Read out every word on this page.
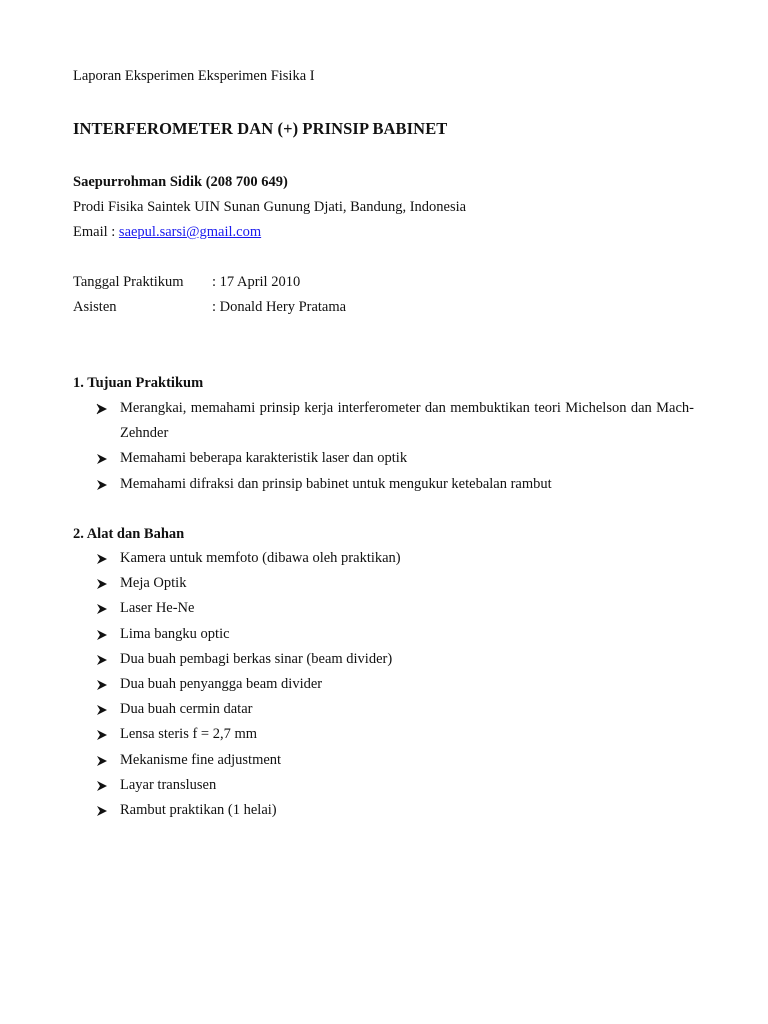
Laporan Eksperimen Eksperimen Fisika I
INTERFEROMETER DAN (+) PRINSIP BABINET
Saepurrohman Sidik (208 700 649)
Prodi Fisika Saintek UIN Sunan Gunung Djati, Bandung, Indonesia
Email : saepul.sarsi@gmail.com
Tanggal Praktikum : 17 April 2010
Asisten	: Donald Hery Pratama
1. Tujuan Praktikum
Merangkai, memahami prinsip kerja interferometer dan membuktikan teori Michelson dan Mach-Zehnder
Memahami beberapa karakteristik laser dan optik
Memahami difraksi dan prinsip babinet untuk mengukur ketebalan rambut
2. Alat dan Bahan
Kamera untuk memfoto (dibawa oleh praktikan)
Meja Optik
Laser He-Ne
Lima bangku optic
Dua buah pembagi berkas sinar (beam divider)
Dua buah penyangga beam divider
Dua buah cermin datar
Lensa steris f = 2,7 mm
Mekanisme fine adjustment
Layar translusen
Rambut praktikan (1 helai)
